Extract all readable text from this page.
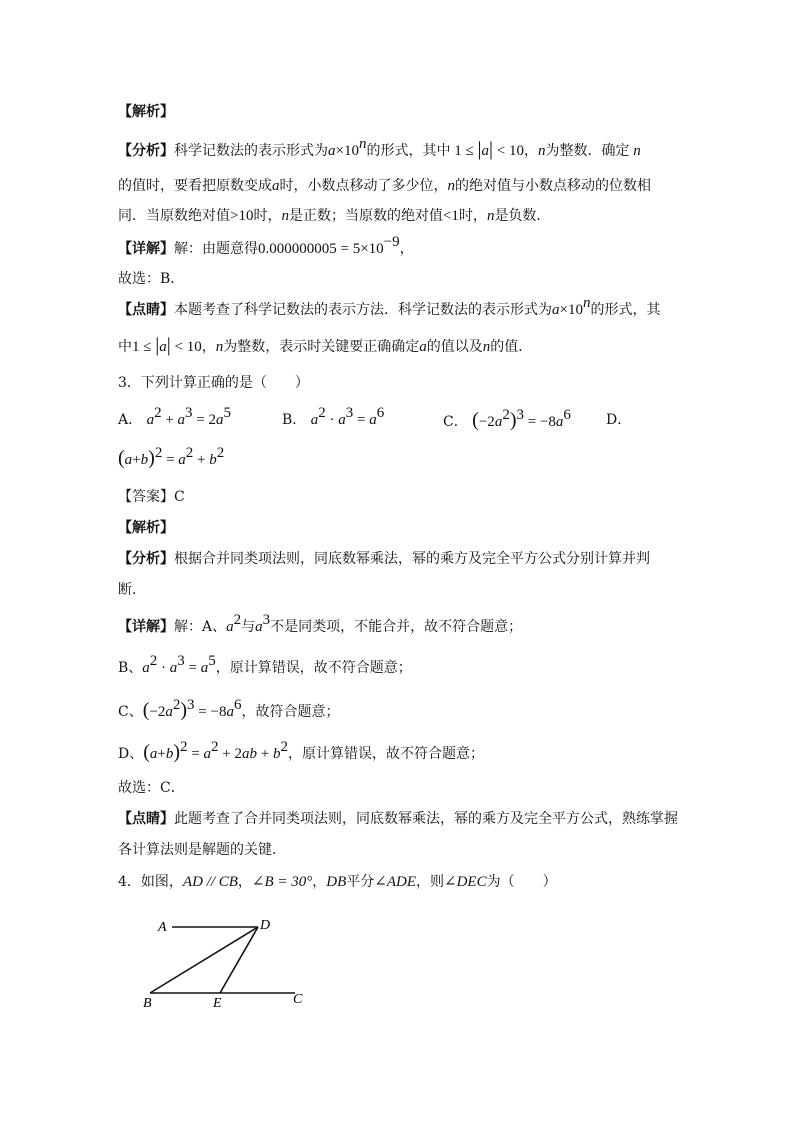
【解析】
【分析】科学记数法的表示形式为$a\times 10^n$的形式，其中 1 ≤ |a| < 10，n为整数．确定 n
的值时，要看把原数变成a时，小数点移动了多少位，n的绝对值与小数点移动的位数相
同．当原数绝对值>10时，n是正数；当原数的绝对值<1时，n是负数．
【详解】解：由题意得$0.000000005 = 5\times 10^{-9}$，
故选：B．
【点睛】本题考查了科学记数法的表示方法．科学记数法的表示形式为$a\times 10^n$的形式，其
中1 ≤ |a| < 10，n为整数，表示时关键要正确确定a的值以及n的值．
3．下列计算正确的是（　　）
A． $a^2 + a^3 = 2a^5$	B． $a^2 \cdot a^3 = a^6$
C． $(-2a^2)^3 = -8a^6$	D．
$(a+b)^2 = a^2 + b^2$
【答案】C
【解析】
【分析】根据合并同类项法则，同底数幂乘法，幂的乘方及完全平方公式分别计算并判
断．
【详解】解：A、$a^2$与$a^3$不是同类项，不能合并，故不符合题意；
B、$a^2 \cdot a^3 = a^5$，原计算错误，故不符合题意；
C、$(-2a^2)^3 = -8a^6$，故符合题意；
D、$(a+b)^2 = a^2 + 2ab + b^2$，原计算错误，故不符合题意；
故选：C．
【点睛】此题考查了合并同类项法则，同底数幂乘法，幂的乘方及完全平方公式，熟练掌握
各计算法则是解题的关键．
4．如图，AD // CB，∠B = 30°，DB平分∠ADE，则∠DEC为（　　）
A	D
B	E	C
